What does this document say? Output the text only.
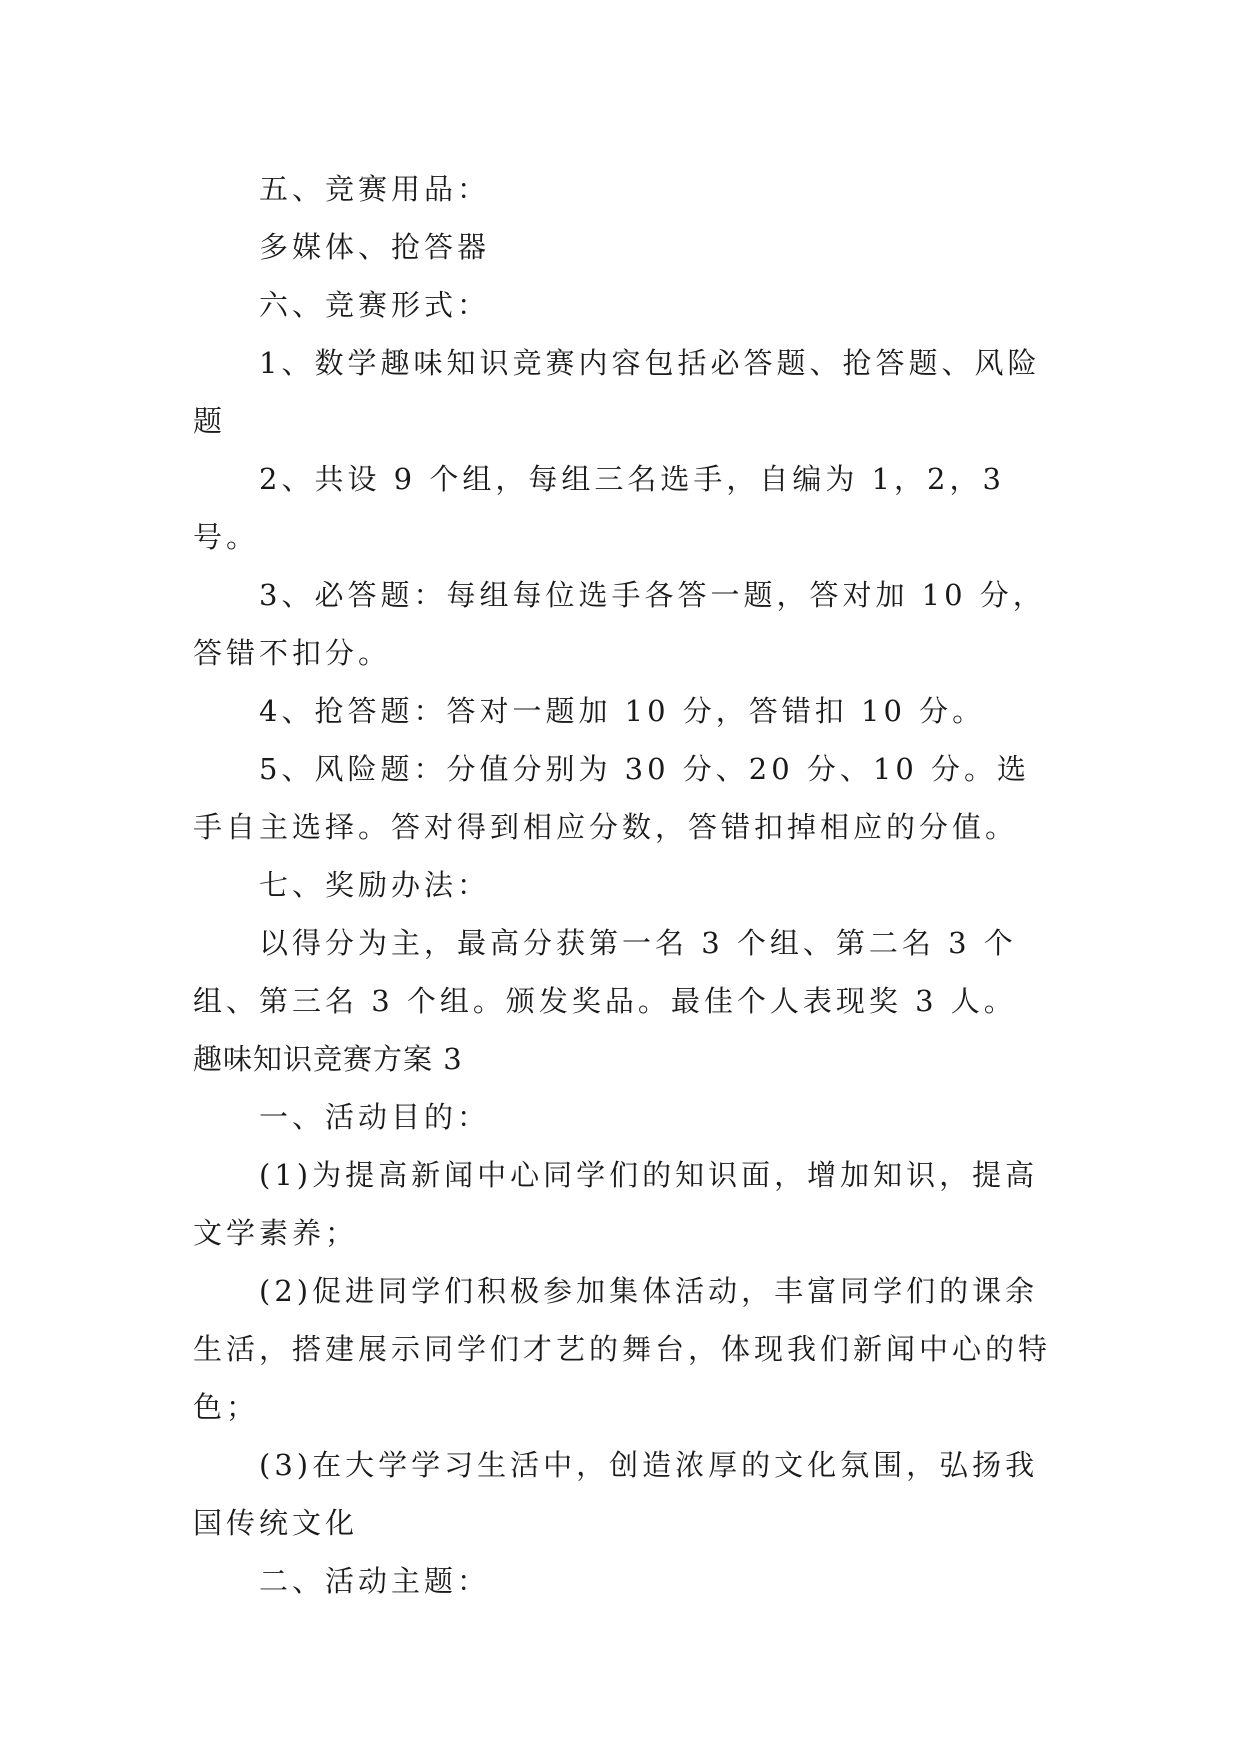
五、竞赛用品：

多媒体、抢答器

六、竞赛形式：

1、数学趣味知识竞赛内容包括必答题、抢答题、风险题

2、共设 9 个组，每组三名选手，自编为 1，2，3 号。

3、必答题：每组每位选手各答一题，答对加 10 分，答错不扣分。

4、抢答题：答对一题加 10 分，答错扣 10 分。

5、风险题：分值分别为 30 分、20 分、10 分。选手自主选择。答对得到相应分数，答错扣掉相应的分值。

七、奖励办法：

以得分为主，最高分获第一名 3 个组、第二名 3 个组、第三名 3 个组。颁发奖品。最佳个人表现奖 3 人。

趣味知识竞赛方案 3

一、活动目的：

(1)为提高新闻中心同学们的知识面，增加知识，提高文学素养；

(2)促进同学们积极参加集体活动，丰富同学们的课余生活，搭建展示同学们才艺的舞台，体现我们新闻中心的特色；

(3)在大学学习生活中，创造浓厚的文化氛围，弘扬我国传统文化

二、活动主题：
